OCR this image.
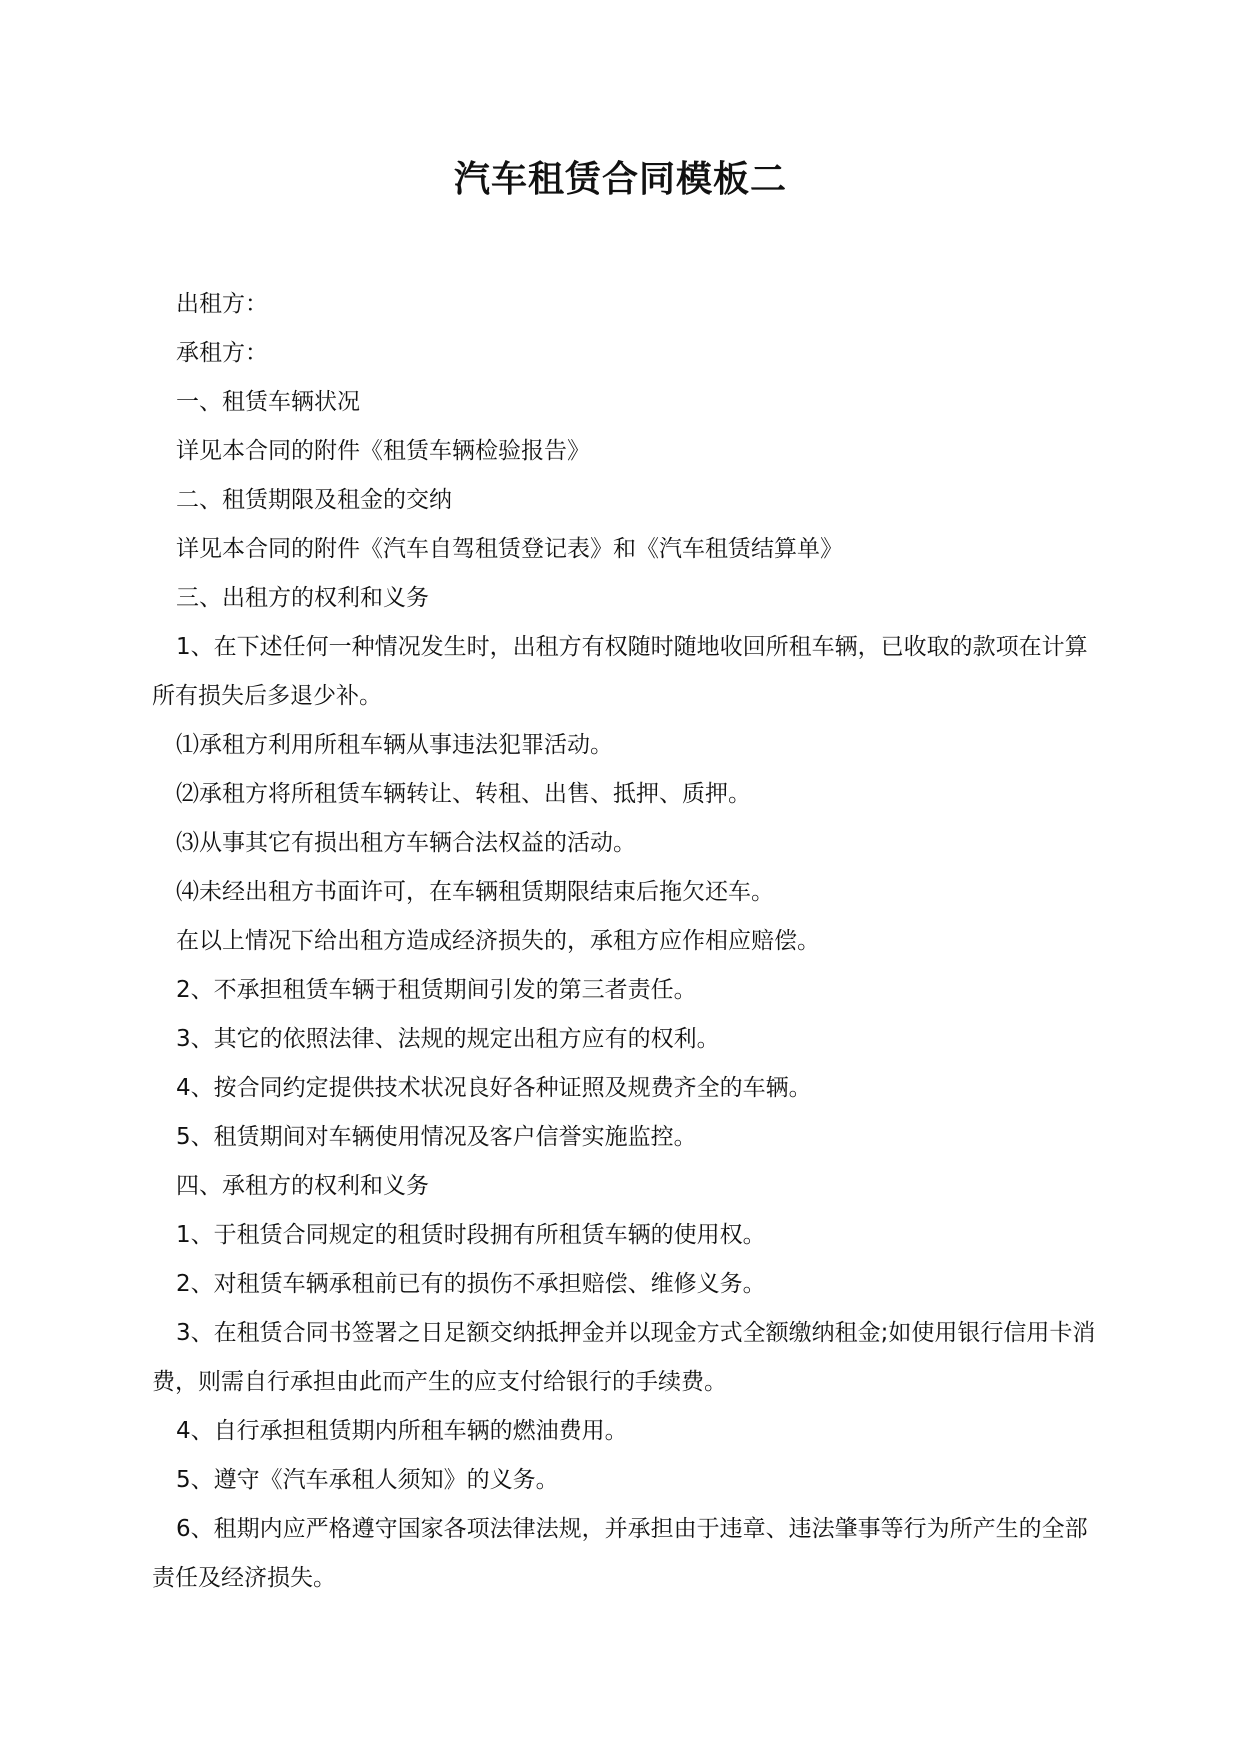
汽车租赁合同模板二

出租方：

承租方：

一、租赁车辆状况

详见本合同的附件《租赁车辆检验报告》

二、租赁期限及租金的交纳

详见本合同的附件《汽车自驾租赁登记表》和《汽车租赁结算单》

三、出租方的权利和义务

1、在下述任何一种情况发生时，出租方有权随时随地收回所租车辆，已收取的款项在计算所有损失后多退少补。

⑴承租方利用所租车辆从事违法犯罪活动。

⑵承租方将所租赁车辆转让、转租、出售、抵押、质押。

⑶从事其它有损出租方车辆合法权益的活动。

⑷未经出租方书面许可，在车辆租赁期限结束后拖欠还车。

在以上情况下给出租方造成经济损失的，承租方应作相应赔偿。

2、不承担租赁车辆于租赁期间引发的第三者责任。

3、其它的依照法律、法规的规定出租方应有的权利。

4、按合同约定提供技术状况良好各种证照及规费齐全的车辆。

5、租赁期间对车辆使用情况及客户信誉实施监控。

四、承租方的权利和义务

1、于租赁合同规定的租赁时段拥有所租赁车辆的使用权。

2、对租赁车辆承租前已有的损伤不承担赔偿、维修义务。

3、在租赁合同书签署之日足额交纳抵押金并以现金方式全额缴纳租金;如使用银行信用卡消费，则需自行承担由此而产生的应支付给银行的手续费。

4、自行承担租赁期内所租车辆的燃油费用。

5、遵守《汽车承租人须知》的义务。

6、租期内应严格遵守国家各项法律法规，并承担由于违章、违法肇事等行为所产生的全部责任及经济损失。
